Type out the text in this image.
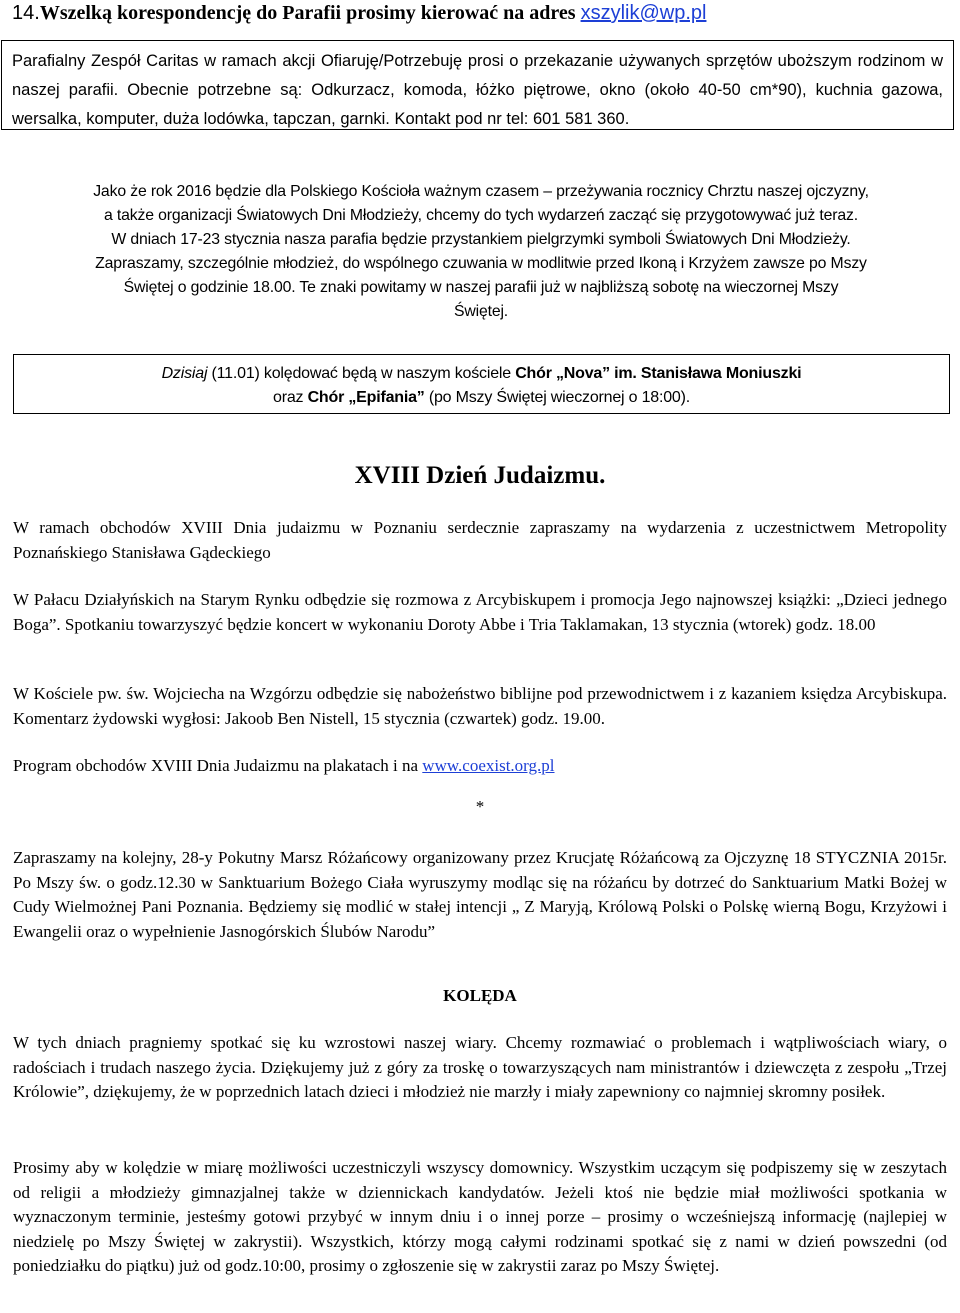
14.Wszelką korespondencję do Parafii prosimy kierować na adres xszylik@wp.pl
Parafialny Zespół Caritas w ramach akcji Ofiaruję/Potrzebuję prosi o przekazanie używanych sprzętów uboższym rodzinom w naszej parafii. Obecnie potrzebne są: Odkurzacz, komoda, łóżko piętrowe, okno (około 40-50 cm*90), kuchnia gazowa, wersalka, komputer, duża lodówka, tapczan, garnki. Kontakt pod nr tel: 601 581 360.
Jako że rok 2016 będzie dla Polskiego Kościoła ważnym czasem – przeżywania rocznicy Chrztu naszej ojczyzny,
a także organizacji Światowych Dni Młodzieży, chcemy do tych wydarzeń zacząć się przygotowywać już teraz.
W dniach 17-23 stycznia nasza parafia będzie przystankiem pielgrzymki symboli Światowych Dni Młodzieży.
Zapraszamy, szczególnie młodzież, do wspólnego czuwania w modlitwie przed Ikoną i Krzyżem zawsze po Mszy
Świętej o godzinie 18.00. Te znaki powitamy w naszej parafii już w najbliższą sobotę na wieczornej Mszy
Świętej.
Dzisiaj (11.01) kolędować będą w naszym kościele Chór „Nova” im. Stanisława Moniuszki
oraz Chór „Epifania” (po Mszy Świętej wieczornej o 18:00).
XVIII Dzień Judaizmu.
W ramach obchodów XVIII Dnia judaizmu w Poznaniu serdecznie zapraszamy na wydarzenia z uczestnictwem Metropolity Poznańskiego Stanisława Gądeckiego
W Pałacu Działyńskich na Starym Rynku odbędzie się rozmowa z Arcybiskupem i promocja Jego najnowszej książki: „Dzieci jednego Boga”. Spotkaniu towarzyszyć będzie koncert w wykonaniu Doroty Abbe i Tria Taklamakan, 13 stycznia (wtorek) godz. 18.00
W Kościele pw. św. Wojciecha na Wzgórzu odbędzie się nabożeństwo biblijne pod przewodnictwem i z kazaniem księdza Arcybiskupa. Komentarz żydowski wygłosi: Jakoob Ben Nistell, 15 stycznia (czwartek) godz. 19.00.
Program obchodów XVIII Dnia Judaizmu na plakatach i na www.coexist.org.pl
*
Zapraszamy na kolejny, 28-y Pokutny Marsz Różańcowy organizowany przez Krucjatę Różańcową za Ojczyznę 18 STYCZNIA 2015r. Po Mszy św. o godz.12.30 w Sanktuarium Bożego Ciała wyruszymy modląc się na różańcu by dotrzeć do Sanktuarium Matki Bożej w Cudy Wielmożnej Pani Poznania. Będziemy się modlić w stałej intencji „ Z Maryją, Królową Polski o Polskę wierną Bogu, Krzyżowi i Ewangelii oraz o wypełnienie Jasnogórskich Ślubów Narodu”
KOLĘDA
W tych dniach pragniemy spotkać się ku wzrostowi naszej wiary. Chcemy rozmawiać o problemach i wątpliwościach wiary, o radościach i trudach naszego życia. Dziękujemy już z góry za troskę o towarzyszących nam ministrantów i dziewczęta z zespołu „Trzej Królowie”, dziękujemy, że w poprzednich latach dzieci i młodzież nie marzły i miały zapewniony co najmniej skromny posiłek.
Prosimy aby w kolędzie w miarę możliwości uczestniczyli wszyscy domownicy. Wszystkim uczącym się podpiszemy się w zeszytach od religii a młodzieży gimnazjalnej także w dziennickach kandydatów. Jeżeli ktoś nie będzie miał możliwości spotkania w wyznaczonym terminie, jesteśmy gotowi przybyć w innym dniu i o innej porze – prosimy o wcześniejszą informację (najlepiej w niedzielę po Mszy Świętej w zakrystii). Wszystkich, którzy mogą całymi rodzinami spotkać się z nami w dzień powszedni (od poniedziałku do piątku) już od godz.10:00, prosimy o zgłoszenie się w zakrystii zaraz po Mszy Świętej.
